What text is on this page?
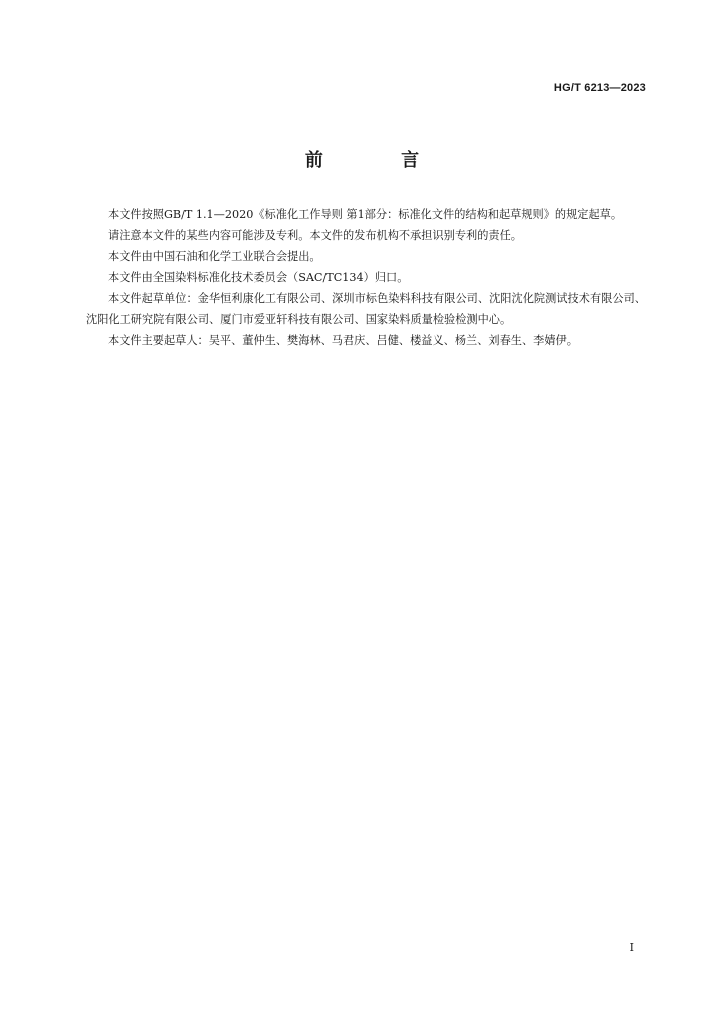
HG/T 6213—2023
前 言

本文件按照GB/T 1.1—2020《标准化工作导则 第1部分：标准化文件的结构和起草规则》的规定起草。

请注意本文件的某些内容可能涉及专利。本文件的发布机构不承担识别专利的责任。

本文件由中国石油和化学工业联合会提出。

本文件由全国染料标准化技术委员会（SAC/TC134）归口。

本文件起草单位：金华恒利康化工有限公司、深圳市标色染料科技有限公司、沈阳沈化院测试技术有限公司、沈阳化工研究院有限公司、厦门市爱亚轩科技有限公司、国家染料质量检验检测中心。

本文件主要起草人：吴平、董仲生、樊海林、马君庆、吕健、楼益义、杨兰、刘春生、李婧伊。

I
